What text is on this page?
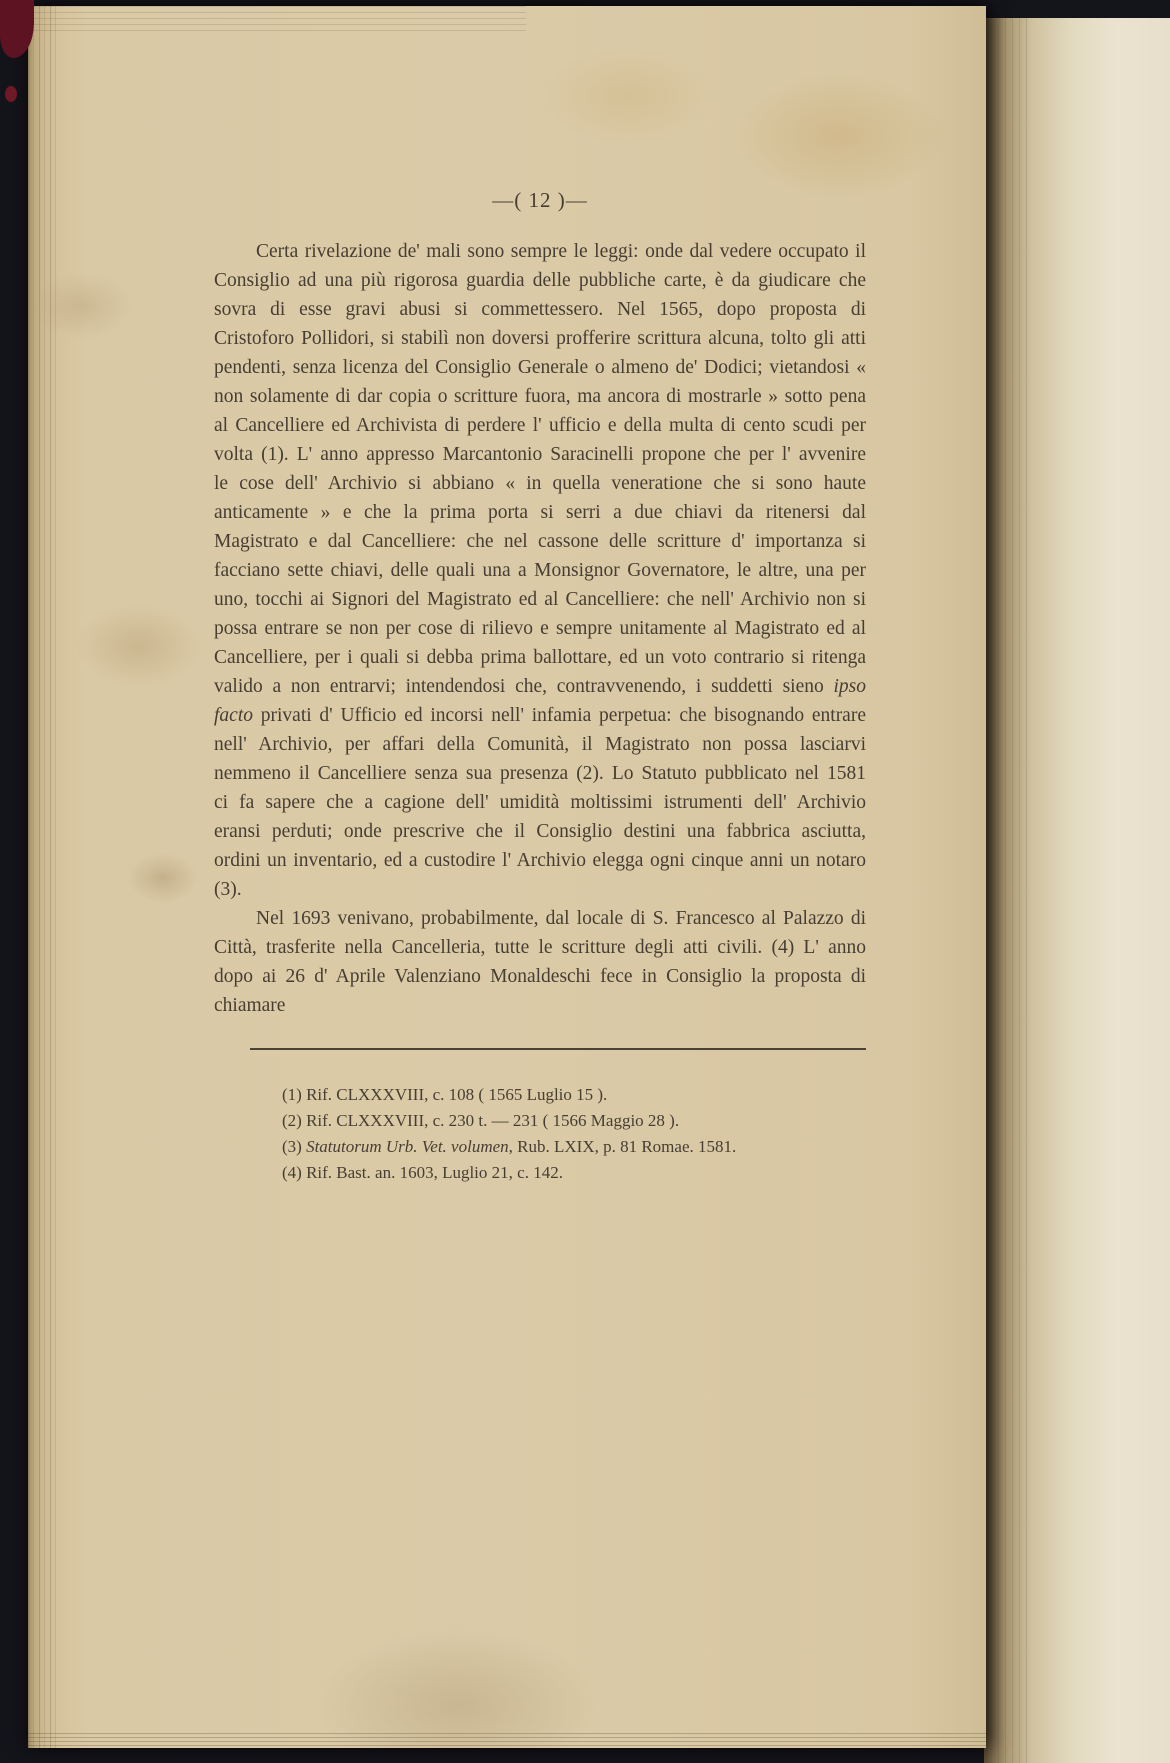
—( 12 )—

Certa rivelazione de' mali sono sempre le leggi: onde dal vedere occupato il Consiglio ad una più rigorosa guardia delle pubbliche carte, è da giudicare che sovra di esse gravi abusi si commettessero. Nel 1565, dopo proposta di Cristoforo Pollidori, si stabilì non doversi profferire scrittura alcuna, tolto gli atti pendenti, senza licenza del Consiglio Generale o almeno de' Dodici; vietandosi « non solamente di dar copia o scritture fuora, ma ancora di mostrarle » sotto pena al Cancelliere ed Archivista di perdere l' ufficio e della multa di cento scudi per volta (1). L' anno appresso Marcantonio Saracinelli propone che per l' avvenire le cose dell' Archivio si abbiano « in quella veneratione che si sono haute anticamente » e che la prima porta si serri a due chiavi da ritenersi dal Magistrato e dal Cancelliere: che nel cassone delle scritture d' importanza si facciano sette chiavi, delle quali una a Monsignor Governatore, le altre, una per uno, tocchi ai Signori del Magistrato ed al Cancelliere: che nell' Archivio non si possa entrare se non per cose di rilievo e sempre unitamente al Magistrato ed al Cancelliere, per i quali si debba prima ballottare, ed un voto contrario si ritenga valido a non entrarvi; intendendosi che, contravvenendo, i suddetti sieno ipso facto privati d' Ufficio ed incorsi nell' infamia perpetua: che bisognando entrare nell' Archivio, per affari della Comunità, il Magistrato non possa lasciarvi nemmeno il Cancelliere senza sua presenza (2). Lo Statuto pubblicato nel 1581 ci fa sapere che a cagione dell' umidità moltissimi istrumenti dell' Archivio eransi perduti; onde prescrive che il Consiglio destini una fabbrica asciutta, ordini un inventario, ed a custodire l' Archivio elegga ogni cinque anni un notaro (3).

Nel 1693 venivano, probabilmente, dal locale di S. Francesco al Palazzo di Città, trasferite nella Cancelleria, tutte le scritture degli atti civili. (4) L' anno dopo ai 26 d' Aprile Valenziano Monaldeschi fece in Consiglio la proposta di chiamare

(1) Rif. CLXXXVIII, c. 108 ( 1565 Luglio 15 ).
(2) Rif. CLXXXVIII, c. 230 t. — 231 ( 1566 Maggio 28 ).
(3) Statutorum Urb. Vet. volumen, Rub. LXIX, p. 81 Romae. 1581.
(4) Rif. Bast. an. 1603, Luglio 21, c. 142.
